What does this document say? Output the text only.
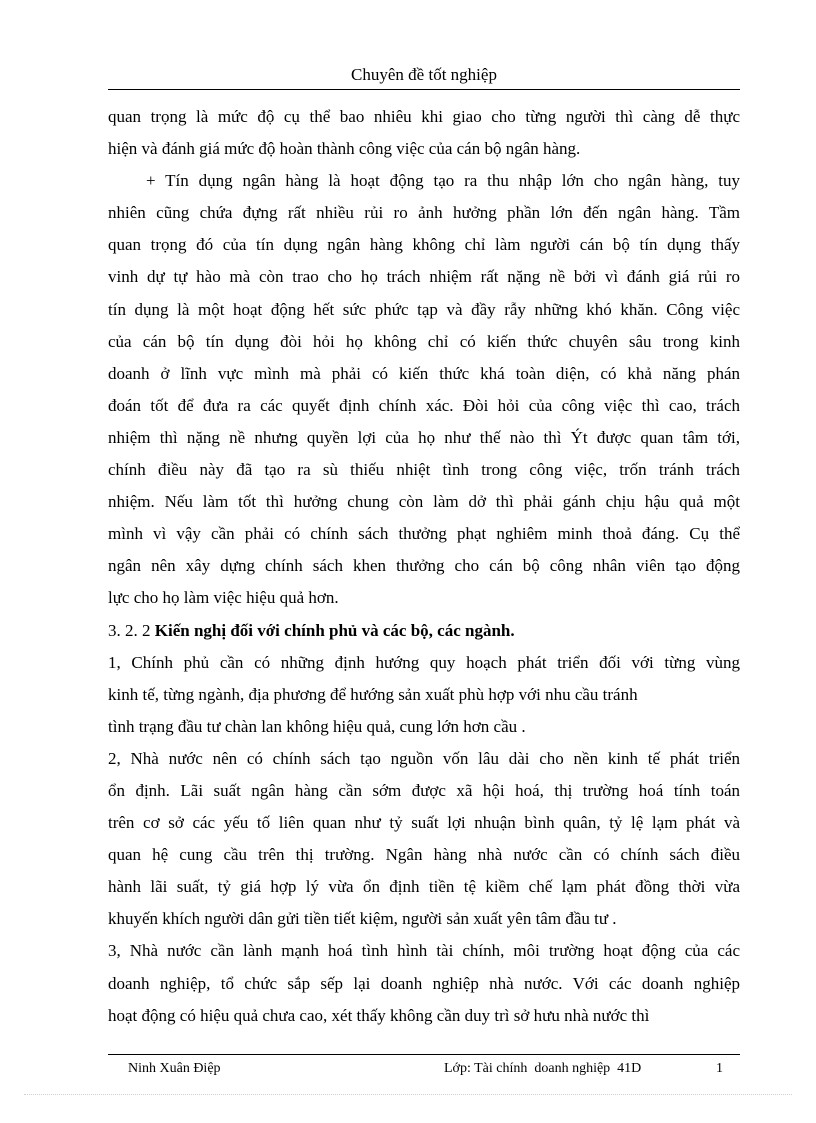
Chuyên đề tốt nghiệp
quan trọng là mức độ cụ thể bao nhiêu khi giao cho từng người thì càng dễ thực
hiện và đánh giá mức độ hoàn thành công việc của cán bộ ngân hàng.
+ Tín dụng ngân hàng là hoạt động tạo ra thu nhập lớn cho ngân hàng, tuy
nhiên cũng chứa đựng rất nhiều rủi ro ảnh hưởng phần lớn đến ngân hàng. Tầm
quan trọng đó của tín dụng ngân hàng không chỉ làm người cán bộ tín dụng thấy
vinh dự tự hào mà còn trao cho họ trách nhiệm rất nặng nề bởi vì đánh giá rủi ro
tín dụng là một hoạt động hết sức phức tạp và đầy rẫy những khó khăn. Công việc
của cán bộ tín dụng đòi hỏi họ không chỉ có kiến thức chuyên sâu trong kinh
doanh ở lĩnh vực mình mà phải có kiến thức khá toàn diện, có khả năng phán
đoán tốt để đưa ra các quyết định chính xác. Đòi hỏi của công việc thì cao, trách
nhiệm thì nặng nề nhưng quyền lợi của họ như thế nào thì Ýt được quan tâm tới,
chính điều này đã tạo ra sù thiếu nhiệt tình trong công việc, trốn tránh trách
nhiệm. Nếu làm tốt thì hưởng chung còn làm dở thì phải gánh chịu hậu quả một
mình vì vậy cần phải có chính sách thưởng phạt nghiêm minh thoả đáng. Cụ thể
ngân nên xây dựng chính sách khen thưởng cho cán bộ công nhân viên tạo động
lực cho họ làm việc hiệu quả hơn.
3. 2. 2 Kiến nghị đối với chính phủ và các bộ, các ngành.
1, Chính phủ cần có những định hướng quy hoạch phát triển đối với từng vùng
kinh tế, từng ngành, địa phương để hướng sản xuất phù hợp với nhu cầu tránh
tình trạng đầu tư chàn lan không hiệu quả, cung lớn hơn cầu .
2, Nhà nước nên có chính sách tạo nguồn vốn lâu dài cho nền kinh tế phát triển
ổn định. Lãi suất ngân hàng cần sớm được xã hội hoá, thị trường hoá tính toán
trên cơ sở các yếu tố liên quan như tỷ suất lợi nhuận bình quân, tỷ lệ lạm phát và
quan hệ cung cầu trên thị trường. Ngân hàng nhà nước cần có chính sách điều
hành lãi suất, tỷ giá hợp lý vừa ổn định tiền tệ kiềm chế lạm phát đồng thời vừa
khuyến khích người dân gửi tiền tiết kiệm, người sản xuất yên tâm đầu tư .
3, Nhà nước cần lành mạnh hoá tình hình tài chính, môi trường hoạt động của các
doanh nghiệp, tổ chức sắp sếp lại doanh nghiệp nhà nước. Với các doanh nghiệp
hoạt động có hiệu quả chưa cao, xét thấy không cần duy trì sở hưu nhà nước thì
Ninh Xuân Điệp	Lớp: Tài chính  doanh nghiệp  41D	1
